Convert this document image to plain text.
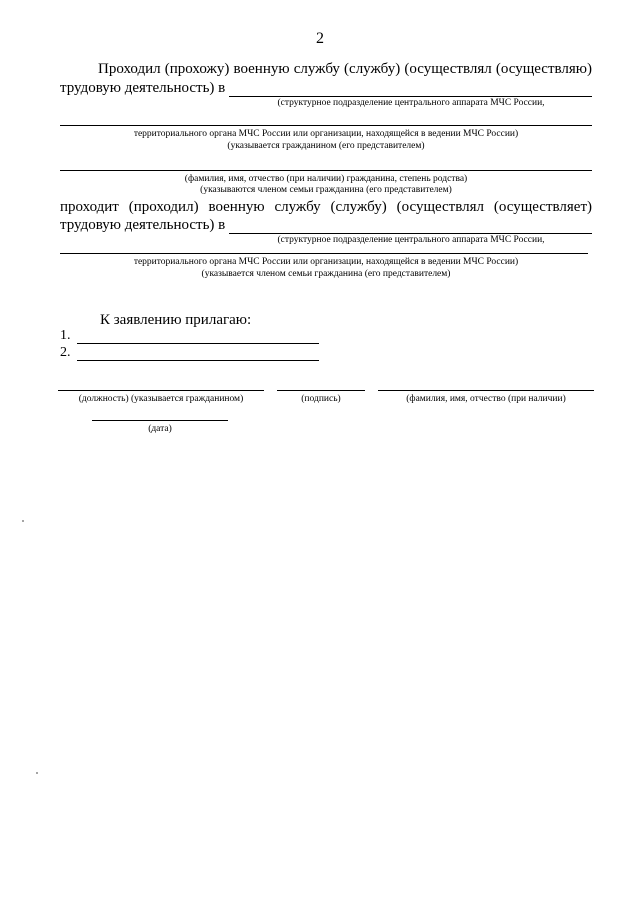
2
Проходил (прохожу) военную службу (службу) (осуществлял (осуществляю)
трудовую деятельность) в
(структурное подразделение центрального аппарата МЧС России,
территориального органа МЧС России или организации, находящейся в ведении МЧС России)
(указывается гражданином (его представителем)
(фамилия, имя, отчество (при наличии) гражданина, степень родства)
(указываются членом семьи гражданина (его представителем)
проходит (проходил) военную службу (службу) (осуществлял (осуществляет)
трудовую деятельность) в
(структурное подразделение центрального аппарата МЧС России,
территориального органа МЧС России или организации, находящейся в ведении МЧС России)
(указывается членом семьи гражданина (его представителем)
К заявлению прилагаю:
1.
2.
(должность) (указывается гражданином)	(подпись)	(фамилия, имя, отчество (при наличии)
(дата)
